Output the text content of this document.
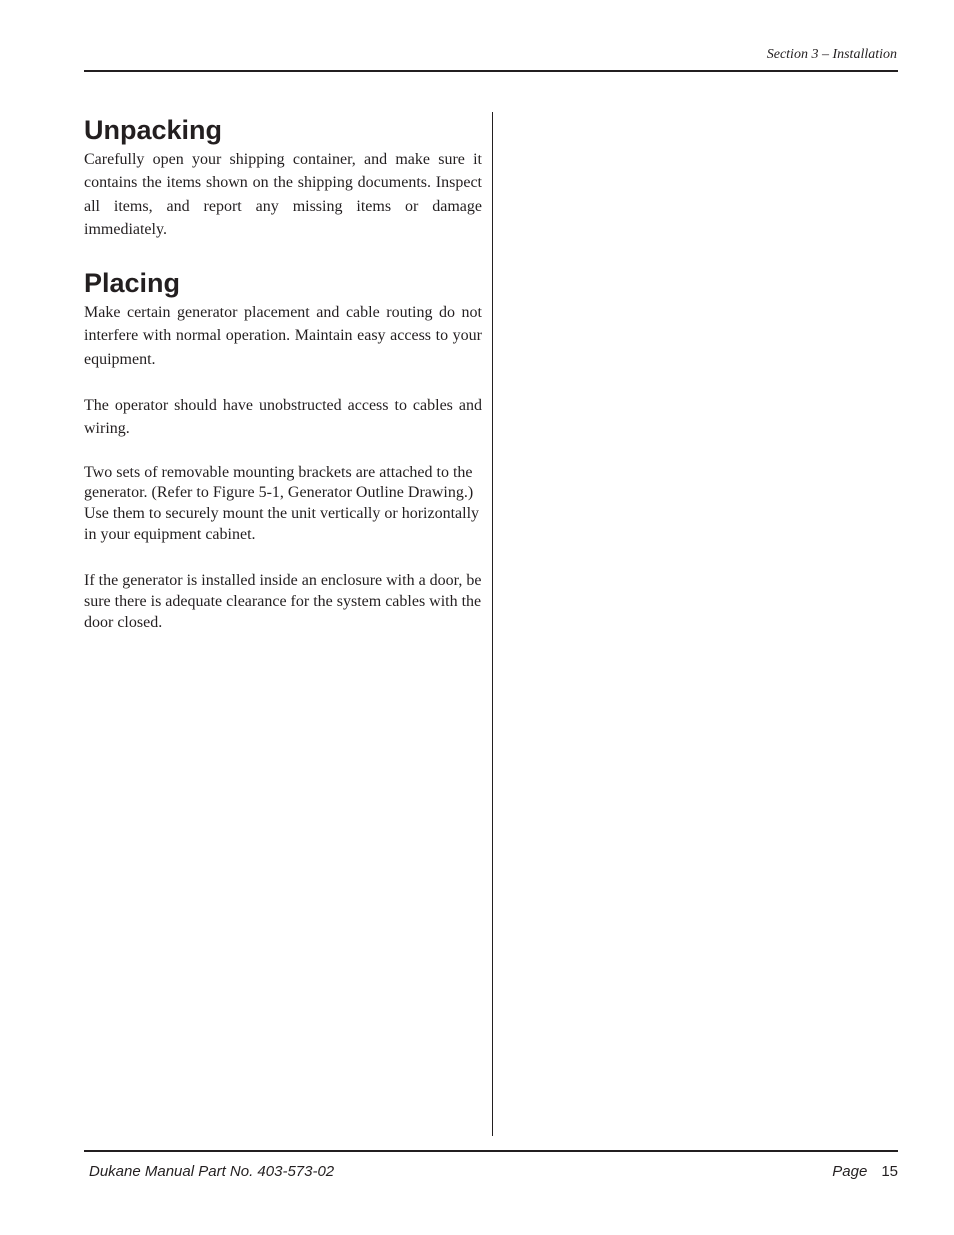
Section 3 – Installation
Unpacking

Carefully open your shipping container, and make sure it contains the items shown on the shipping documents. Inspect all items, and report any missing items or damage immediately.

Placing

Make certain generator placement and cable routing do not interfere with normal operation. Maintain easy access to your equipment.

The operator should have unobstructed access to cables and wiring.

Two sets of removable mounting brackets are attached to the generator. (Refer to Figure 5-1, Generator Outline Drawing.) Use them to securely mount the unit vertically or horizontally in your equipment cabinet.

If the generator is installed inside an enclosure with a door, be sure there is adequate clearance for the system cables with the door closed.

Dukane Manual Part No. 403-573-02	Page 15
